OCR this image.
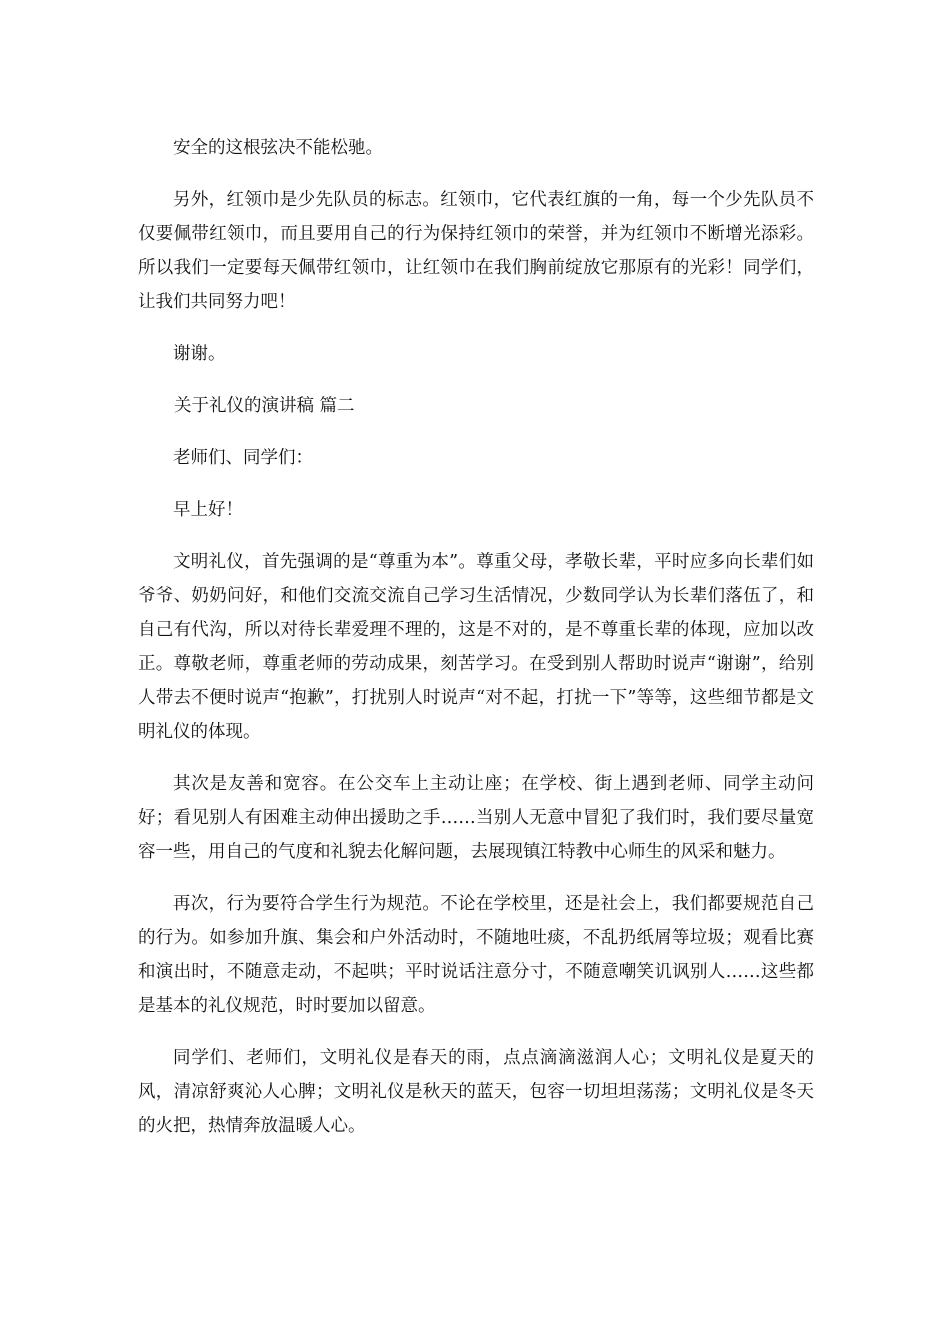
安全的这根弦决不能松驰。

另外，红领巾是少先队员的标志。红领巾，它代表红旗的一角，每一个少先队员不仅要佩带红领巾，而且要用自己的行为保持红领巾的荣誉，并为红领巾不断增光添彩。所以我们一定要每天佩带红领巾，让红领巾在我们胸前绽放它那原有的光彩！同学们，让我们共同努力吧！

谢谢。

关于礼仪的演讲稿 篇二

老师们、同学们：

早上好！

文明礼仪，首先强调的是“尊重为本”。尊重父母，孝敬长辈，平时应多向长辈们如爷爷、奶奶问好，和他们交流交流自己学习生活情况，少数同学认为长辈们落伍了，和自己有代沟，所以对待长辈爱理不理的，这是不对的，是不尊重长辈的体现，应加以改正。尊敬老师，尊重老师的劳动成果，刻苦学习。在受到别人帮助时说声“谢谢”，给别人带去不便时说声“抱歉”，打扰别人时说声“对不起，打扰一下”等等，这些细节都是文明礼仪的体现。

其次是友善和宽容。在公交车上主动让座；在学校、街上遇到老师、同学主动问好；看见别人有困难主动伸出援助之手……当别人无意中冒犯了我们时，我们要尽量宽容一些，用自己的气度和礼貌去化解问题，去展现镇江特教中心师生的风采和魅力。

再次，行为要符合学生行为规范。不论在学校里，还是社会上，我们都要规范自己的行为。如参加升旗、集会和户外活动时，不随地吐痰，不乱扔纸屑等垃圾；观看比赛和演出时，不随意走动，不起哄；平时说话注意分寸，不随意嘲笑讥讽别人……这些都是基本的礼仪规范，时时要加以留意。

同学们、老师们，文明礼仪是春天的雨，点点滴滴滋润人心；文明礼仪是夏天的风，清凉舒爽沁人心脾；文明礼仪是秋天的蓝天，包容一切坦坦荡荡；文明礼仪是冬天的火把，热情奔放温暖人心。
